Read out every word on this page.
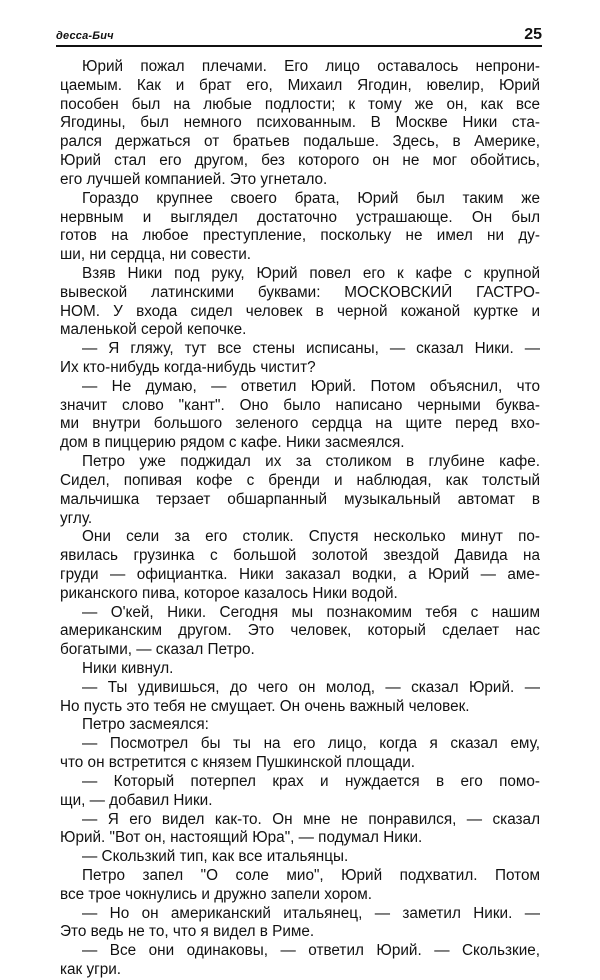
десса-Бич	25
Юрий пожал плечами. Его лицо оставалось непрони-
цаемым. Как и брат его, Михаил Ягодин, ювелир, Юрий
пособен был на любые подлости; к тому же он, как все
Ягодины, был немного психованным. В Москве Ники ста-
рался держаться от братьев подальше. Здесь, в Америке,
Юрий стал его другом, без которого он не мог обойтись,
его лучшей компанией. Это угнетало.
Гораздо крупнее своего брата, Юрий был таким же
нервным и выглядел достаточно устрашающе. Он был
готов на любое преступление, поскольку не имел ни ду-
ши, ни сердца, ни совести.
Взяв Ники под руку, Юрий повел его к кафе с крупной
вывеской латинскими буквами: МОСКОВСКИЙ ГАСТРО-
НОМ. У входа сидел человек в черной кожаной куртке и
маленькой серой кепочке.
— Я гляжу, тут все стены исписаны, — сказал Ники. —
Их кто-нибудь когда-нибудь чистит?
— Не думаю, — ответил Юрий. Потом объяснил, что
значит слово "кант". Оно было написано черными буква-
ми внутри большого зеленого сердца на щите перед вхо-
дом в пиццерию рядом с кафе. Ники засмеялся.
Петро уже поджидал их за столиком в глубине кафе.
Сидел, попивая кофе с бренди и наблюдая, как толстый
мальчишка терзает обшарпанный музыкальный автомат в
углу.
Они сели за его столик. Спустя несколько минут по-
явилась грузинка с большой золотой звездой Давида на
груди — официантка. Ники заказал водки, а Юрий — аме-
риканского пива, которое казалось Ники водой.
— О'кей, Ники. Сегодня мы познакомим тебя с нашим
американским другом. Это человек, который сделает нас
богатыми, — сказал Петро.
Ники кивнул.
— Ты удивишься, до чего он молод, — сказал Юрий. —
Но пусть это тебя не смущает. Он очень важный человек.
Петро засмеялся:
— Посмотрел бы ты на его лицо, когда я сказал ему,
что он встретится с князем Пушкинской площади.
— Который потерпел крах и нуждается в его помо-
щи, — добавил Ники.
— Я его видел как-то. Он мне не понравился, — сказал
Юрий. "Вот он, настоящий Юра", — подумал Ники.
— Скользкий тип, как все итальянцы.
Петро запел "О соле мио", Юрий подхватил. Потом
все трое чокнулись и дружно запели хором.
— Но он американский итальянец, — заметил Ники. —
Это ведь не то, что я видел в Риме.
— Все они одинаковы, — ответил Юрий. — Скользкие,
как угри.
